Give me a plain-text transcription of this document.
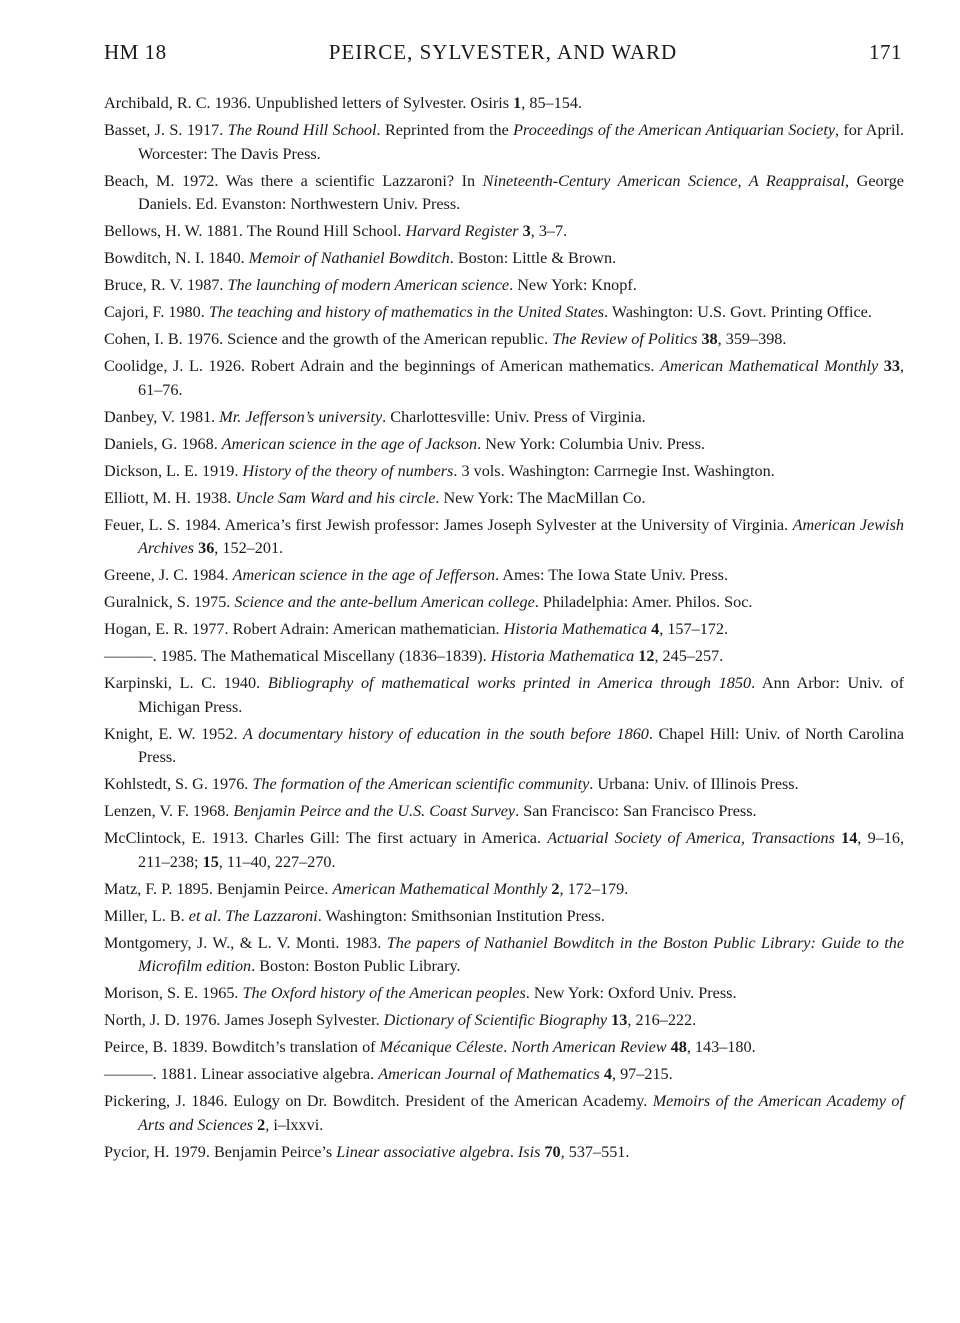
HM 18	PEIRCE, SYLVESTER, AND WARD	171
Archibald, R. C. 1936. Unpublished letters of Sylvester. Osiris 1, 85–154.
Basset, J. S. 1917. The Round Hill School. Reprinted from the Proceedings of the American Antiquarian Society, for April. Worcester: The Davis Press.
Beach, M. 1972. Was there a scientific Lazzaroni? In Nineteenth-Century American Science, A Reappraisal, George Daniels. Ed. Evanston: Northwestern Univ. Press.
Bellows, H. W. 1881. The Round Hill School. Harvard Register 3, 3–7.
Bowditch, N. I. 1840. Memoir of Nathaniel Bowditch. Boston: Little & Brown.
Bruce, R. V. 1987. The launching of modern American science. New York: Knopf.
Cajori, F. 1980. The teaching and history of mathematics in the United States. Washington: U.S. Govt. Printing Office.
Cohen, I. B. 1976. Science and the growth of the American republic. The Review of Politics 38, 359–398.
Coolidge, J. L. 1926. Robert Adrain and the beginnings of American mathematics. American Mathematical Monthly 33, 61–76.
Danbey, V. 1981. Mr. Jefferson’s university. Charlottesville: Univ. Press of Virginia.
Daniels, G. 1968. American science in the age of Jackson. New York: Columbia Univ. Press.
Dickson, L. E. 1919. History of the theory of numbers. 3 vols. Washington: Carrnegie Inst. Washington.
Elliott, M. H. 1938. Uncle Sam Ward and his circle. New York: The MacMillan Co.
Feuer, L. S. 1984. America’s first Jewish professor: James Joseph Sylvester at the University of Virginia. American Jewish Archives 36, 152–201.
Greene, J. C. 1984. American science in the age of Jefferson. Ames: The Iowa State Univ. Press.
Guralnick, S. 1975. Science and the ante-bellum American college. Philadelphia: Amer. Philos. Soc.
Hogan, E. R. 1977. Robert Adrain: American mathematician. Historia Mathematica 4, 157–172.
———. 1985. The Mathematical Miscellany (1836–1839). Historia Mathematica 12, 245–257.
Karpinski, L. C. 1940. Bibliography of mathematical works printed in America through 1850. Ann Arbor: Univ. of Michigan Press.
Knight, E. W. 1952. A documentary history of education in the south before 1860. Chapel Hill: Univ. of North Carolina Press.
Kohlstedt, S. G. 1976. The formation of the American scientific community. Urbana: Univ. of Illinois Press.
Lenzen, V. F. 1968. Benjamin Peirce and the U.S. Coast Survey. San Francisco: San Francisco Press.
McClintock, E. 1913. Charles Gill: The first actuary in America. Actuarial Society of America, Transactions 14, 9–16, 211–238; 15, 11–40, 227–270.
Matz, F. P. 1895. Benjamin Peirce. American Mathematical Monthly 2, 172–179.
Miller, L. B. et al. The Lazzaroni. Washington: Smithsonian Institution Press.
Montgomery, J. W., & L. V. Monti. 1983. The papers of Nathaniel Bowditch in the Boston Public Library: Guide to the Microfilm edition. Boston: Boston Public Library.
Morison, S. E. 1965. The Oxford history of the American peoples. New York: Oxford Univ. Press.
North, J. D. 1976. James Joseph Sylvester. Dictionary of Scientific Biography 13, 216–222.
Peirce, B. 1839. Bowditch’s translation of Mécanique Céleste. North American Review 48, 143–180.
———. 1881. Linear associative algebra. American Journal of Mathematics 4, 97–215.
Pickering, J. 1846. Eulogy on Dr. Bowditch. President of the American Academy. Memoirs of the American Academy of Arts and Sciences 2, i–lxxvi.
Pycior, H. 1979. Benjamin Peirce’s Linear associative algebra. Isis 70, 537–551.
